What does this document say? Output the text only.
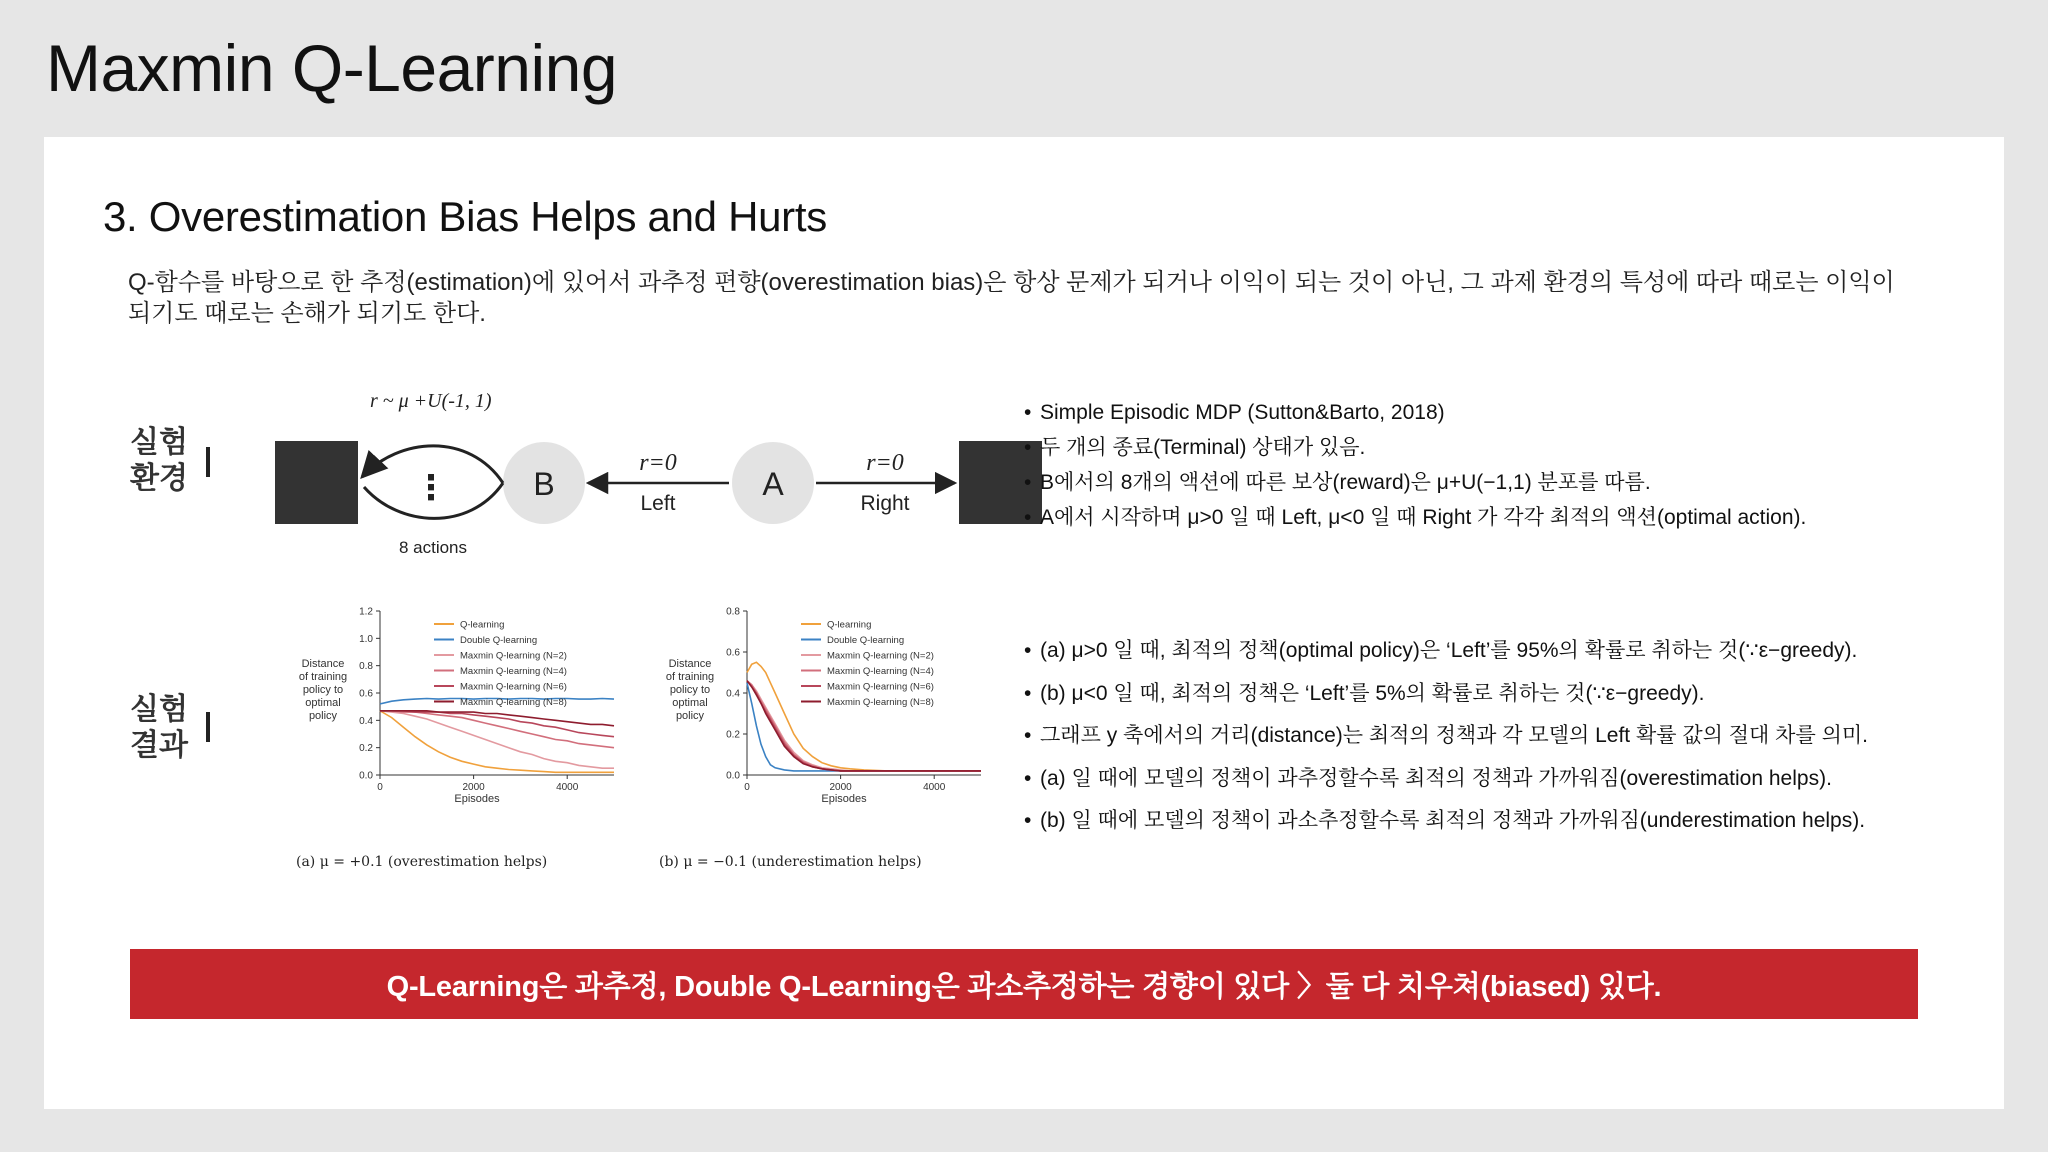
Maxmin Q-Learning
3. Overestimation Bias Helps and Hurts
Q-함수를 바탕으로 한 추정(estimation)에 있어서 과추정 편향(overestimation bias)은 항상 문제가 되거나 이익이 되는 것이 아닌, 그 과제 환경의 특성에 따라 때로는 이익이
되기도 때로는 손해가 되기도 한다.
실험
환경	B	A
⋮
r ~ μ +U(-1, 1)
8 actions
r=0
Left
r=0
Right
• Simple Episodic MDP (Sutton&Barto, 2018)
• 두 개의 종료(Terminal) 상태가 있음.
• B에서의 8개의 액션에 따른 보상(reward)은 μ+U(−1,1) 분포를 따름.
• A에서 시작하며 μ>0 일 때 Left, μ<0 일 때 Right 가 각각 최적의 액션(optimal action).
실험
결과
0.0
0.2
0.4
0.6
0.8
1.0
1.2
0	2000	4000
Episodes
Distance
of training
policy to
optimal
policy
Q-learning
Double Q-learning
Maxmin Q-learning (N=2)
Maxmin Q-learning (N=4)
Maxmin Q-learning (N=6)
Maxmin Q-learning (N=8)
0.0
0.2
0.4
0.6
0.8
0	2000	4000
Episodes
Distance
of training
policy to
optimal
policy
Q-learning
Double Q-learning
Maxmin Q-learning (N=2)
Maxmin Q-learning (N=4)
Maxmin Q-learning (N=6)
Maxmin Q-learning (N=8)
(a) μ = +0.1 (overestimation helps)	(b) μ = −0.1 (underestimation helps)
• (a) μ>0 일 때, 최적의 정책(optimal policy)은 ‘Left’를 95%의 확률로 취하는 것(∵ε−greedy).
• (b) μ<0 일 때, 최적의 정책은 ‘Left’를 5%의 확률로 취하는 것(∵ε−greedy).
• 그래프 y 축에서의 거리(distance)는 최적의 정책과 각 모델의 Left 확률 값의 절대 차를 의미.
• (a) 일 때에 모델의 정책이 과추정할수록 최적의 정책과 가까워짐(overestimation helps).
• (b) 일 때에 모델의 정책이 과소추정할수록 최적의 정책과 가까워짐(underestimation helps).
Q-Learning은 과추정, Double Q-Learning은 과소추정하는 경향이 있다 〉둘 다 치우쳐(biased) 있다.
